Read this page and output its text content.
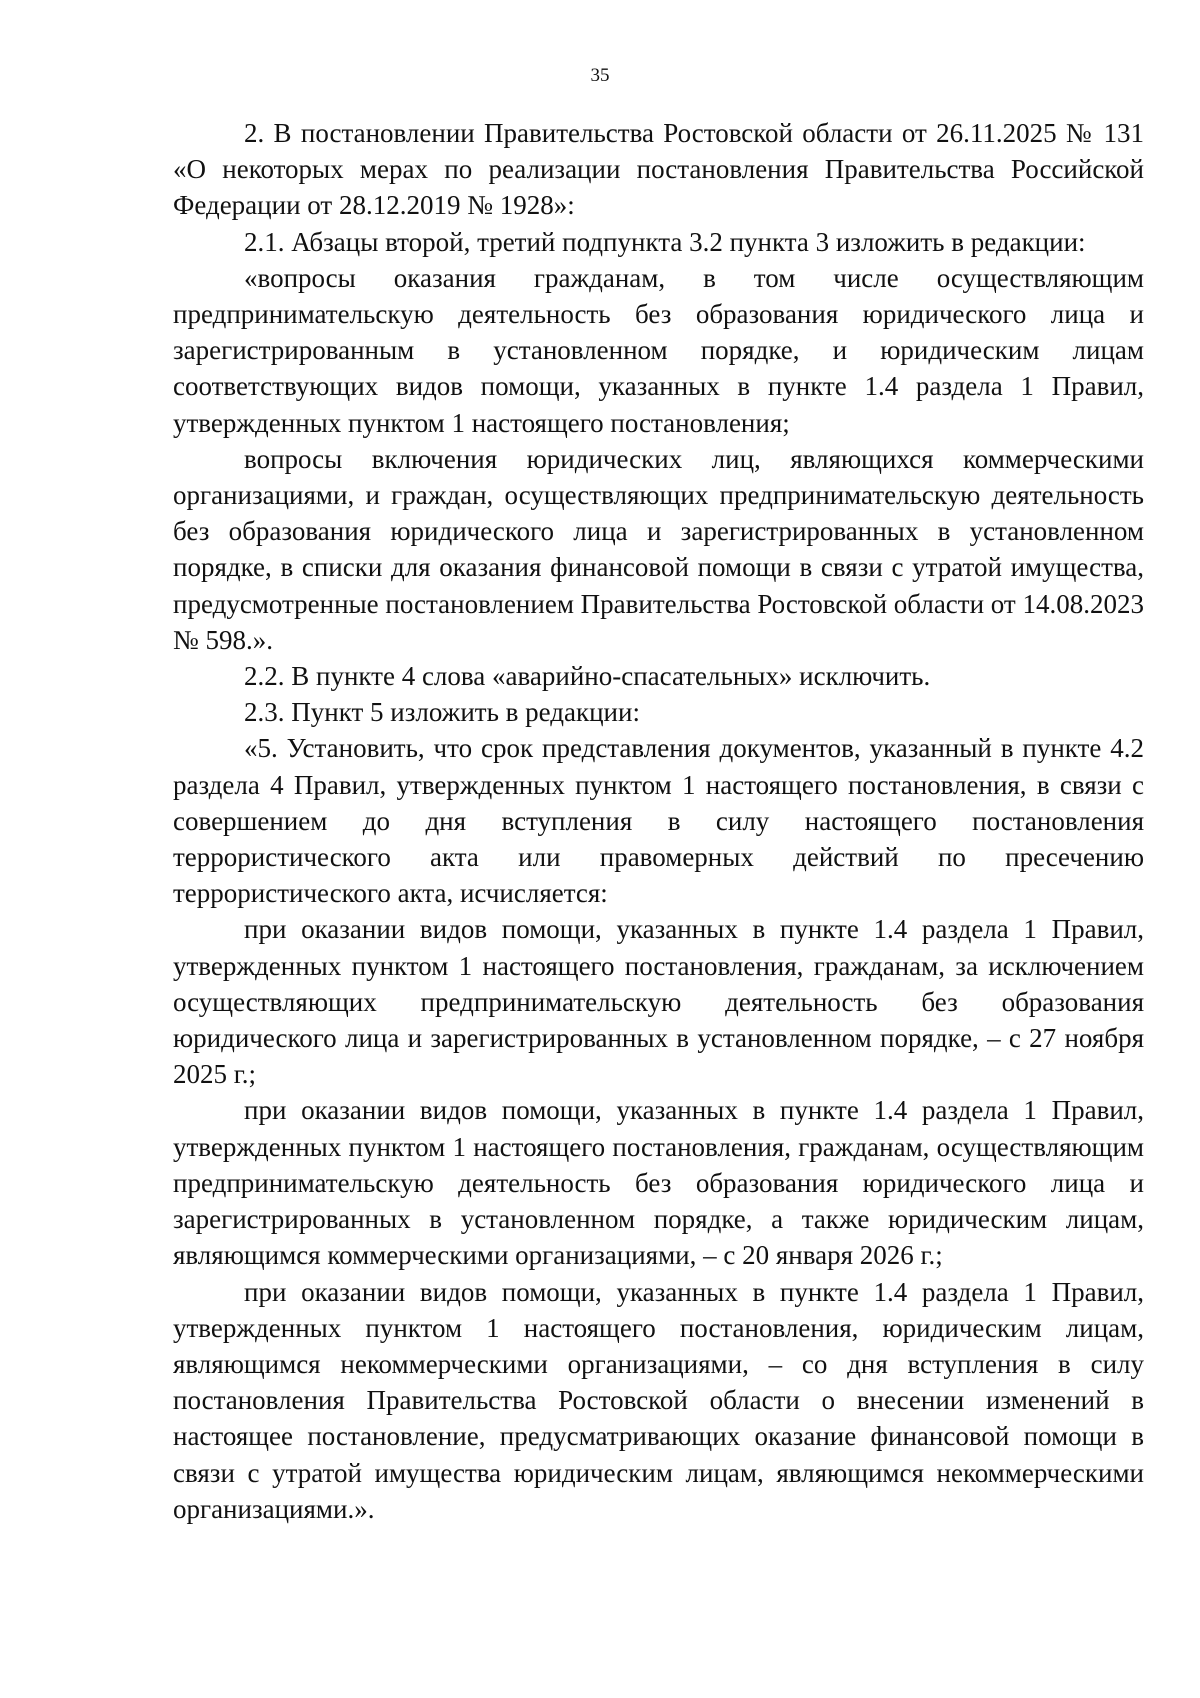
35

2. В постановлении Правительства Ростовской области от 26.11.2025 № 131 «О некоторых мерах по реализации постановления Правительства Российской Федерации от 28.12.2019 № 1928»:

2.1. Абзацы второй, третий подпункта 3.2 пункта 3 изложить в редакции:

«вопросы оказания гражданам, в том числе осуществляющим предпринимательскую деятельность без образования юридического лица и зарегистрированным в установленном порядке, и юридическим лицам соответствующих видов помощи, указанных в пункте 1.4 раздела 1 Правил, утвержденных пунктом 1 настоящего постановления;

вопросы включения юридических лиц, являющихся коммерческими организациями, и граждан, осуществляющих предпринимательскую деятельность без образования юридического лица и зарегистрированных в установленном порядке, в списки для оказания финансовой помощи в связи с утратой имущества, предусмотренные постановлением Правительства Ростовской области от 14.08.2023 № 598.».

2.2. В пункте 4 слова «аварийно-спасательных» исключить.

2.3. Пункт 5 изложить в редакции:

«5. Установить, что срок представления документов, указанный в пункте 4.2 раздела 4 Правил, утвержденных пунктом 1 настоящего постановления, в связи с совершением до дня вступления в силу настоящего постановления террористического акта или правомерных действий по пресечению террористического акта, исчисляется:

при оказании видов помощи, указанных в пункте 1.4 раздела 1 Правил, утвержденных пунктом 1 настоящего постановления, гражданам, за исключением осуществляющих предпринимательскую деятельность без образования юридического лица и зарегистрированных в установленном порядке, – с 27 ноября 2025 г.;

при оказании видов помощи, указанных в пункте 1.4 раздела 1 Правил, утвержденных пунктом 1 настоящего постановления, гражданам, осуществляющим предпринимательскую деятельность без образования юридического лица и зарегистрированных в установленном порядке, а также юридическим лицам, являющимся коммерческими организациями, – с 20 января 2026 г.;

при оказании видов помощи, указанных в пункте 1.4 раздела 1 Правил, утвержденных пунктом 1 настоящего постановления, юридическим лицам, являющимся некоммерческими организациями, – со дня вступления в силу постановления Правительства Ростовской области о внесении изменений в настоящее постановление, предусматривающих оказание финансовой помощи в связи с утратой имущества юридическим лицам, являющимся некоммерческими организациями.».
